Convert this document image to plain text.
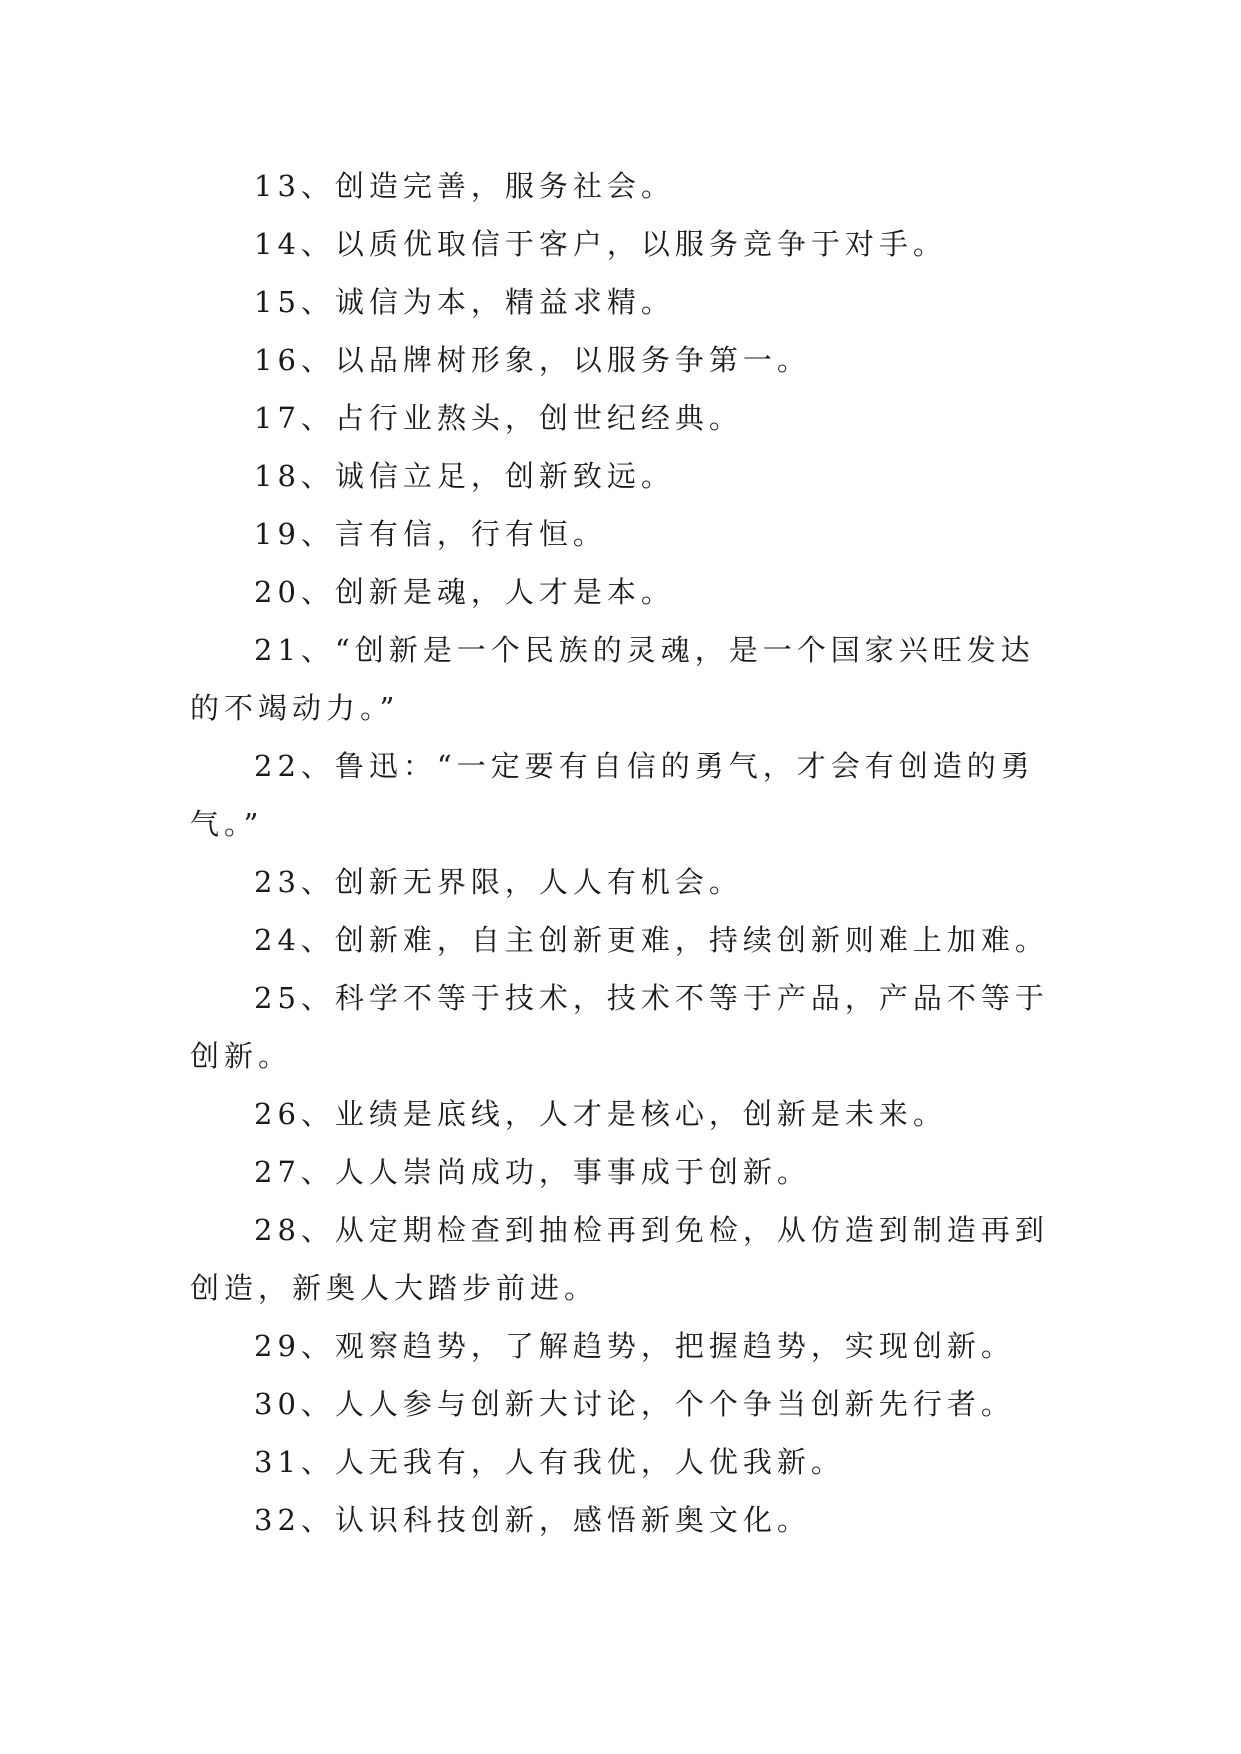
13、创造完善，服务社会。

14、以质优取信于客户，以服务竞争于对手。

15、诚信为本，精益求精。

16、以品牌树形象，以服务争第一。

17、占行业熬头，创世纪经典。

18、诚信立足，创新致远。

19、言有信，行有恒。

20、创新是魂，人才是本。

21、“创新是一个民族的灵魂，是一个国家兴旺发达的不竭动力。”

22、鲁迅：“一定要有自信的勇气，才会有创造的勇气。”

23、创新无界限，人人有机会。

24、创新难，自主创新更难，持续创新则难上加难。

25、科学不等于技术，技术不等于产品，产品不等于创新。

26、业绩是底线，人才是核心，创新是未来。

27、人人崇尚成功，事事成于创新。

28、从定期检查到抽检再到免检，从仿造到制造再到创造，新奥人大踏步前进。

29、观察趋势，了解趋势，把握趋势，实现创新。

30、人人参与创新大讨论，个个争当创新先行者。

31、人无我有，人有我优，人优我新。

32、认识科技创新，感悟新奥文化。
